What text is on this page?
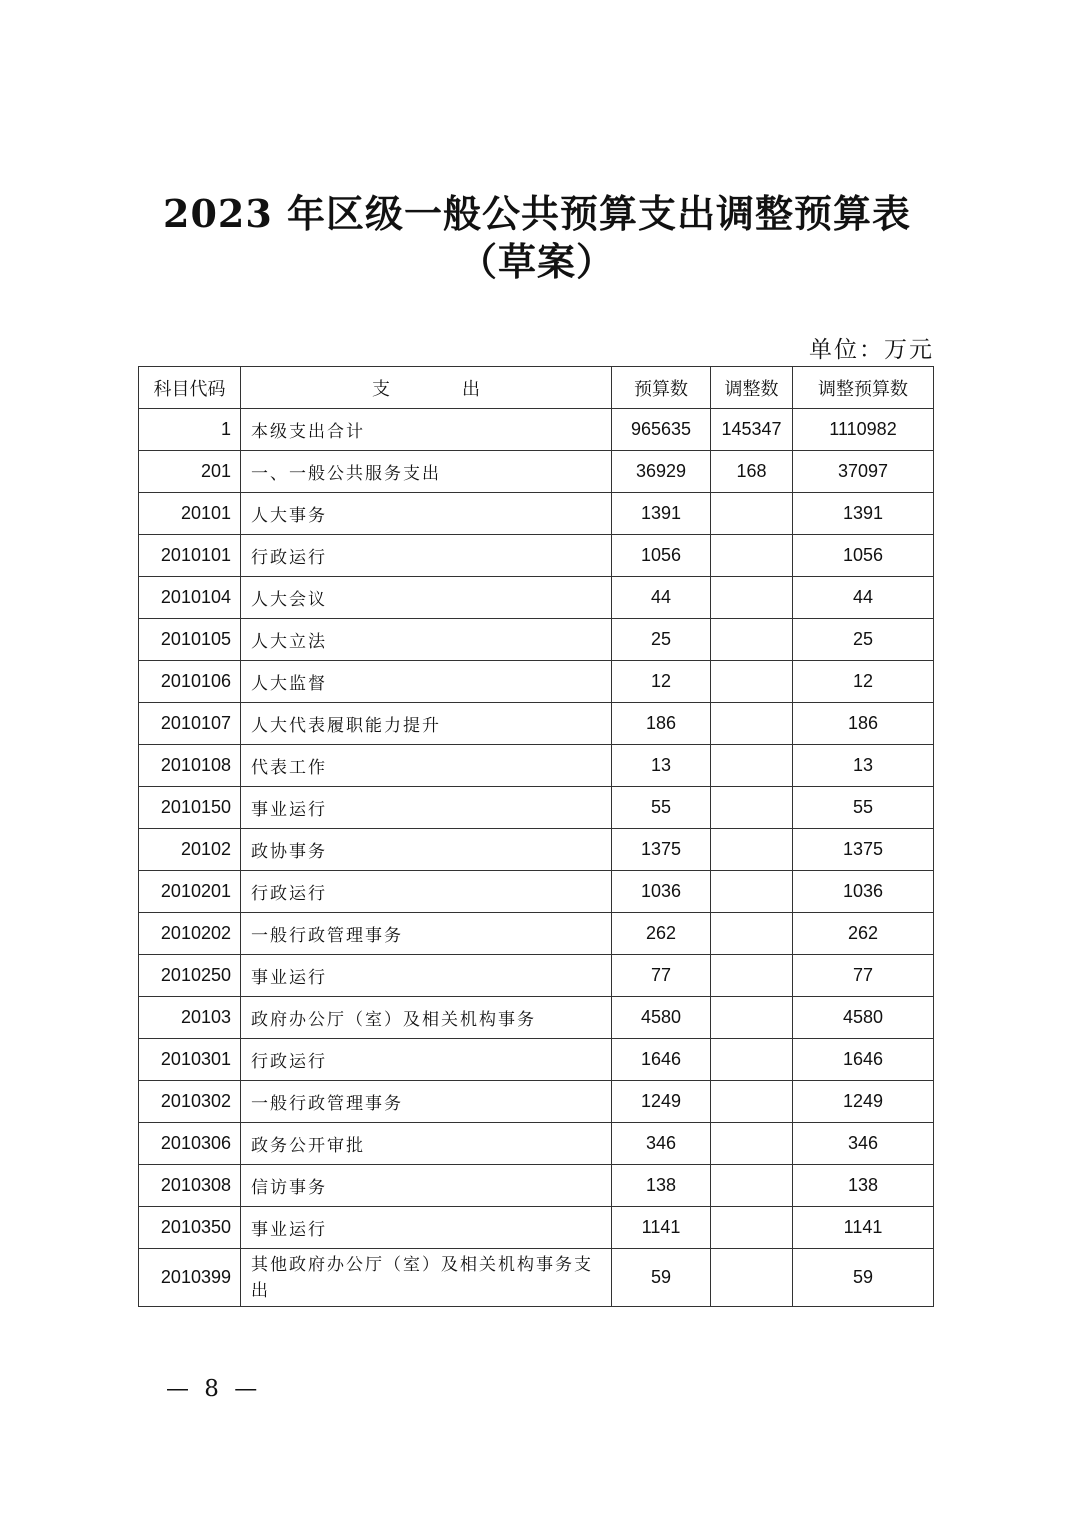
2023 年区级一般公共预算支出调整预算表
（草案）
单位：万元
科目代码	支　　　　出	预算数	调整数	调整预算数
1	本级支出合计	965635	145347	1110982
201	一、一般公共服务支出	36929	168	37097
20101	人大事务	1391		1391
2010101	行政运行	1056		1056
2010104	人大会议	44		44
2010105	人大立法	25		25
2010106	人大监督	12		12
2010107	人大代表履职能力提升	186		186
2010108	代表工作	13		13
2010150	事业运行	55		55
20102	政协事务	1375		1375
2010201	行政运行	1036		1036
2010202	一般行政管理事务	262		262
2010250	事业运行	77		77
20103	政府办公厅（室）及相关机构事务	4580		4580
2010301	行政运行	1646		1646
2010302	一般行政管理事务	1249		1249
2010306	政务公开审批	346		346
2010308	信访事务	138		138
2010350	事业运行	1141		1141
2010399	其他政府办公厅（室）及相关机构事务支出	59		59
— 8 —
